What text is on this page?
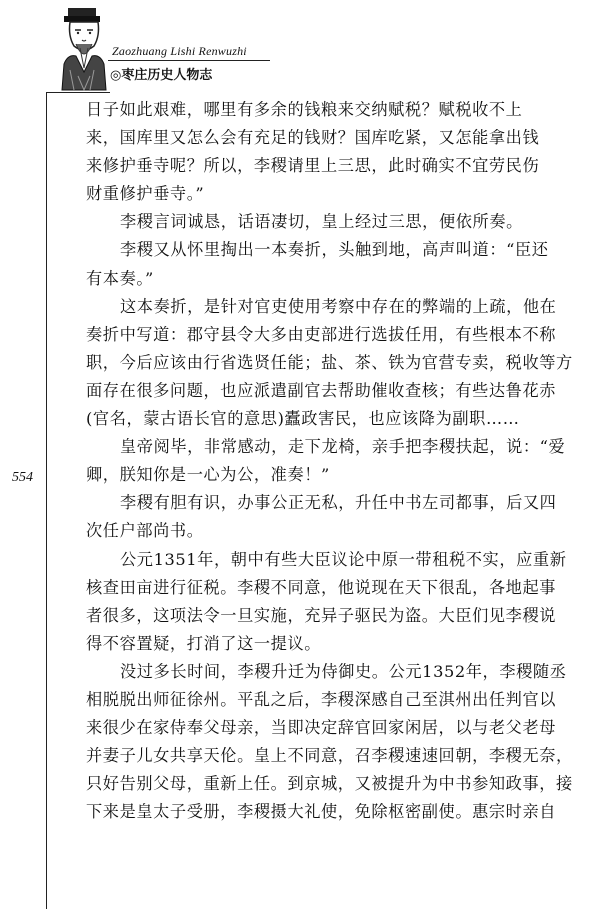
Zaozhuang Lishi Renwuzhi
◎枣庄历史人物志
554
日子如此艰难，哪里有多余的钱粮来交纳赋税？赋税收不上
来，国库里又怎么会有充足的钱财？国库吃紧，又怎能拿出钱
来修护垂寺呢？所以，李稷请里上三思，此时确实不宜劳民伤
财重修护垂寺。”
李稷言词诚恳，话语凄切，皇上经过三思，便依所奏。
李稷又从怀里掏出一本奏折，头触到地，高声叫道：“臣还
有本奏。”
这本奏折，是针对官吏使用考察中存在的弊端的上疏，他在
奏折中写道：郡守县令大多由吏部进行选拔任用，有些根本不称
职，今后应该由行省选贤任能；盐、茶、铁为官营专卖，税收等方
面存在很多问题，也应派遣副官去帮助催收查核；有些达鲁花赤
(官名，蒙古语长官的意思)蠹政害民，也应该降为副职……
皇帝阅毕，非常感动，走下龙椅，亲手把李稷扶起，说：“爱
卿，朕知你是一心为公，准奏！”
李稷有胆有识，办事公正无私，升任中书左司都事，后又四
次任户部尚书。
公元1351年，朝中有些大臣议论中原一带租税不实，应重新
核查田亩进行征税。李稷不同意，他说现在天下很乱，各地起事
者很多，这项法令一旦实施，充异子驱民为盗。大臣们见李稷说
得不容置疑，打消了这一提议。
没过多长时间，李稷升迁为侍御史。公元1352年，李稷随丞
相脱脱出师征徐州。平乱之后，李稷深感自己至淇州出任判官以
来很少在家侍奉父母亲，当即决定辞官回家闲居，以与老父老母
并妻子儿女共享天伦。皇上不同意，召李稷速速回朝，李稷无奈，
只好告别父母，重新上任。到京城，又被提升为中书参知政事，接
下来是皇太子受册，李稷摄大礼使，免除枢密副使。惠宗时亲自
